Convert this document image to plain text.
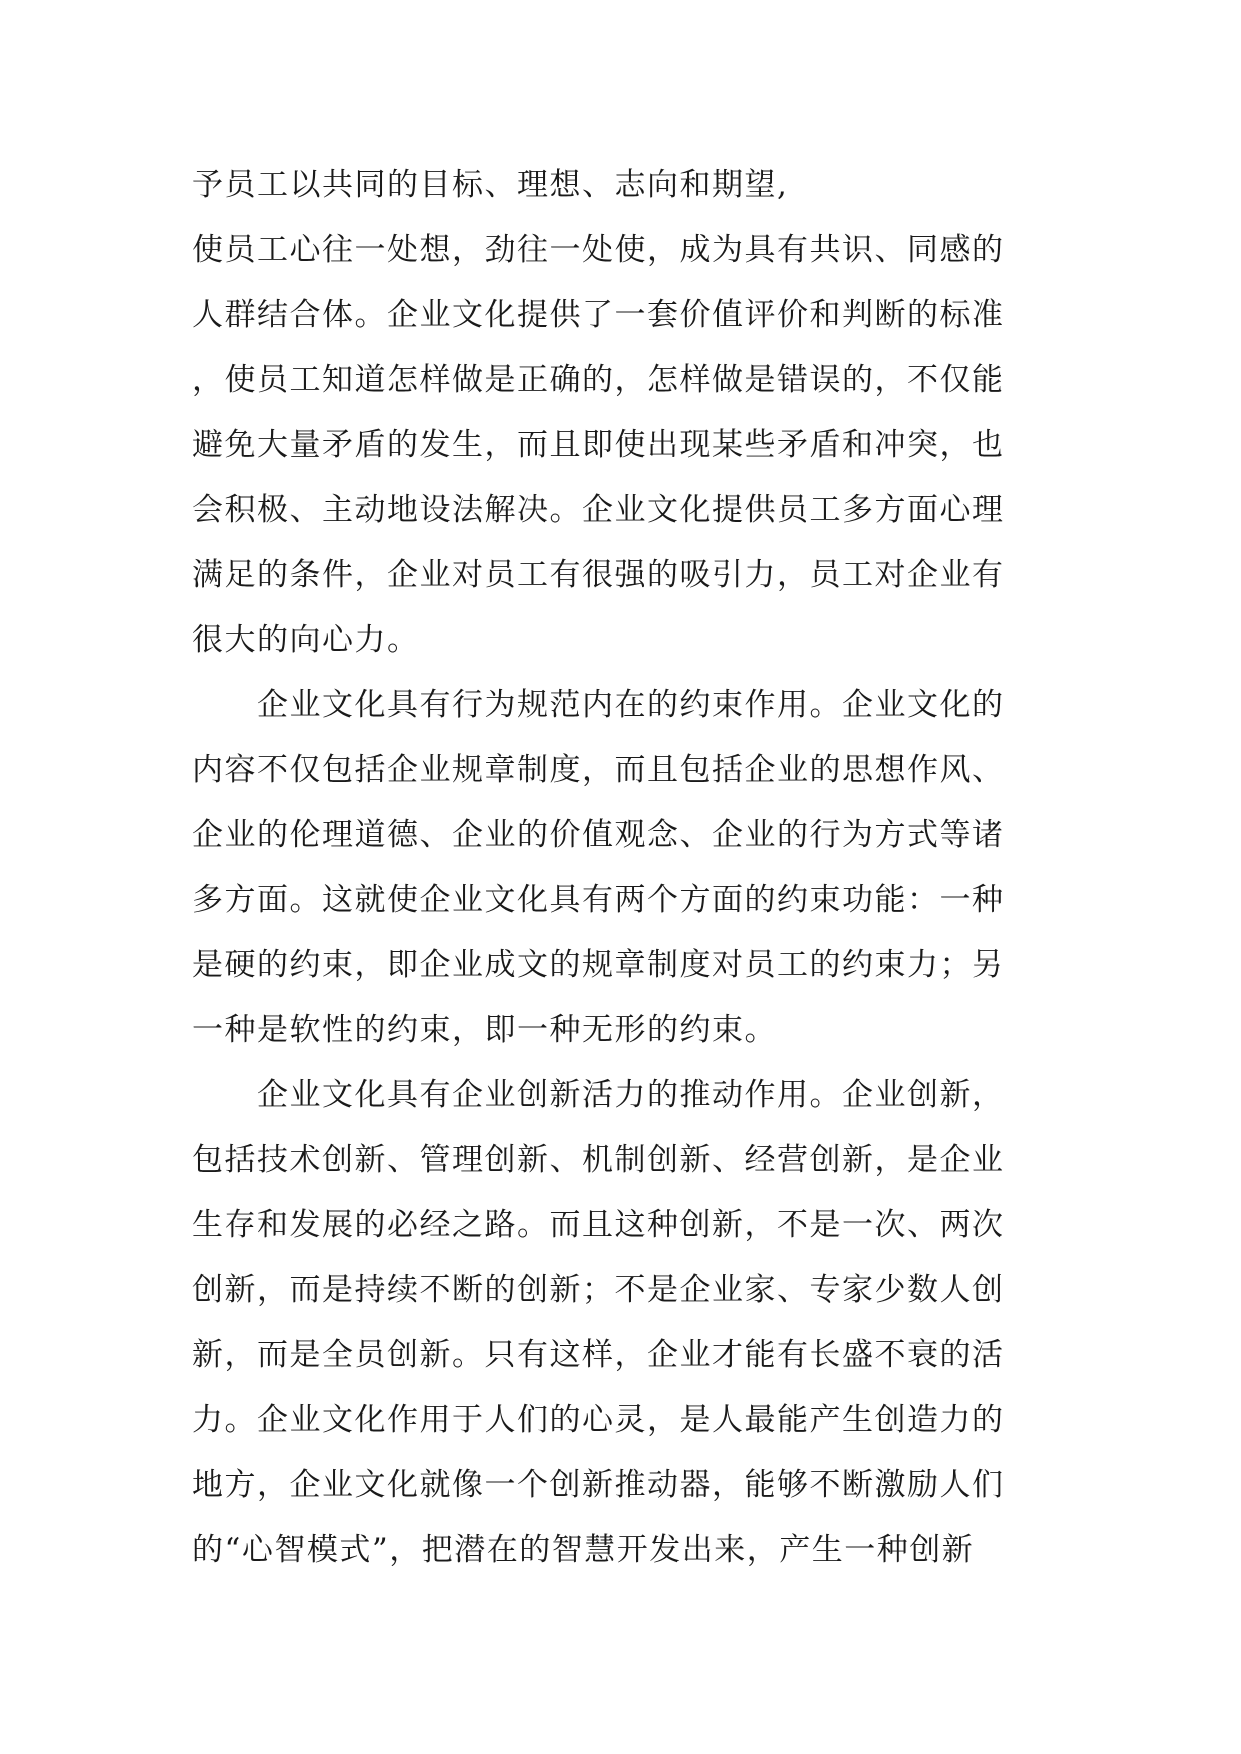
予员工以共同的目标、理想、志向和期望,
使员工心往一处想，劲往一处使，成为具有共识、同感的
人群结合体。企业文化提供了一套价值评价和判断的标准
，使员工知道怎样做是正确的，怎样做是错误的，不仅能
避免大量矛盾的发生，而且即使出现某些矛盾和冲突，也
会积极、主动地设法解决。企业文化提供员工多方面心理
满足的条件，企业对员工有很强的吸引力，员工对企业有
很大的向心力。
　　企业文化具有行为规范内在的约束作用。企业文化的
内容不仅包括企业规章制度，而且包括企业的思想作风、
企业的伦理道德、企业的价值观念、企业的行为方式等诸
多方面。这就使企业文化具有两个方面的约束功能：一种
是硬的约束，即企业成文的规章制度对员工的约束力；另
一种是软性的约束，即一种无形的约束。
　　企业文化具有企业创新活力的推动作用。企业创新，
包括技术创新、管理创新、机制创新、经营创新，是企业
生存和发展的必经之路。而且这种创新，不是一次、两次
创新，而是持续不断的创新；不是企业家、专家少数人创
新，而是全员创新。只有这样，企业才能有长盛不衰的活
力。企业文化作用于人们的心灵，是人最能产生创造力的
地方，企业文化就像一个创新推动器，能够不断激励人们
的“心智模式”，把潜在的智慧开发出来，产生一种创新
